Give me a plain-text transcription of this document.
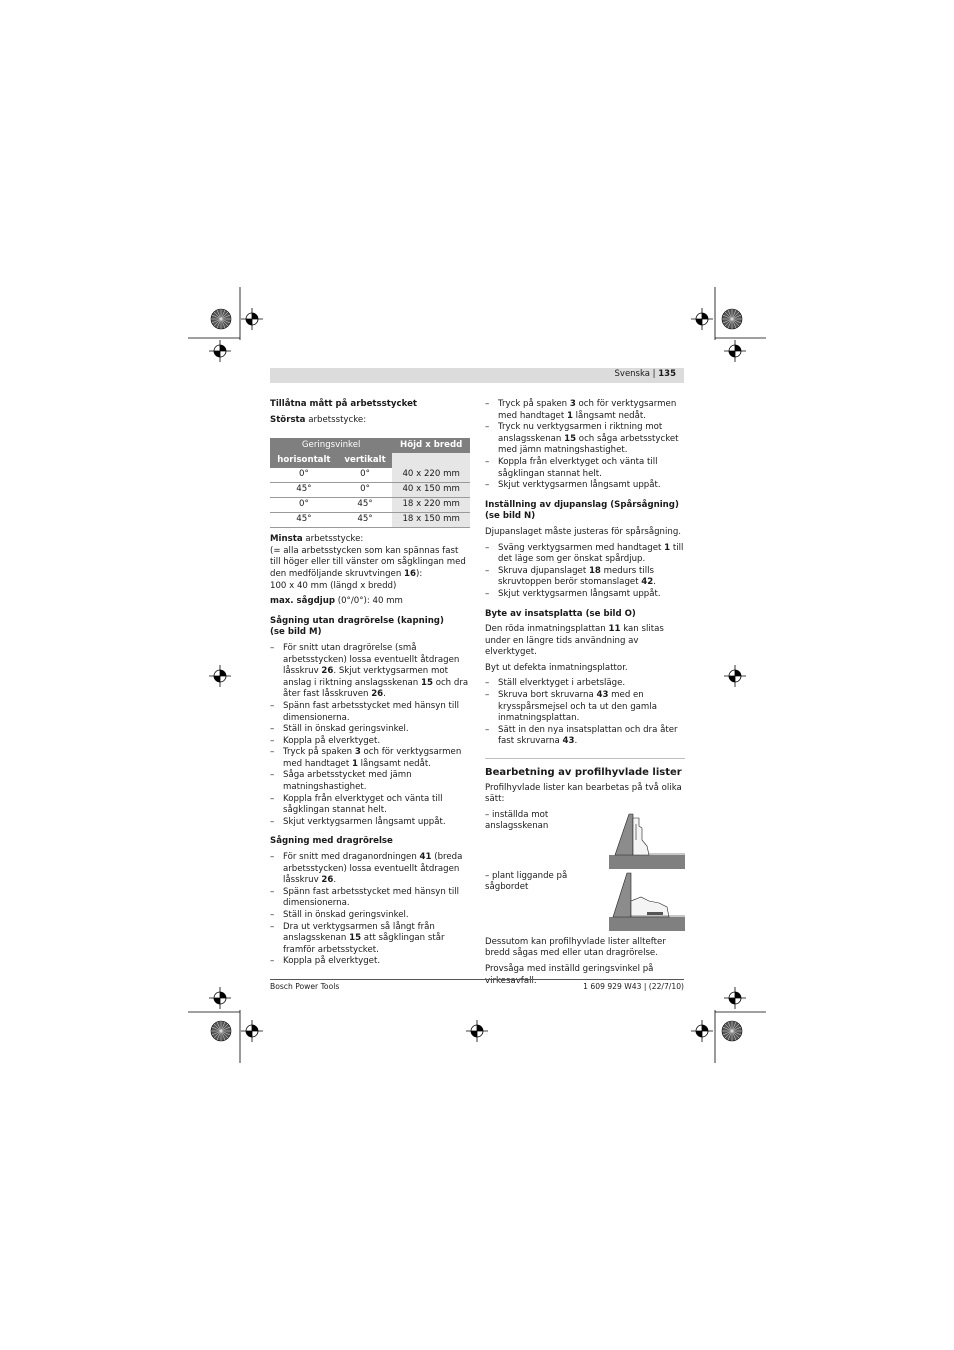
Svenska | 135
Tillåtna mått på arbetsstycket

Största arbetsstycke:

Geringsvinkel		Höjd x bredd
horisontalt	vertikalt	
0°	0°	40 x 220 mm
45°	0°	40 x 150 mm
0°	45°	18 x 220 mm
45°	45°	18 x 150 mm

Minsta arbetsstycke:
(= alla arbetsstycken som kan spännas fast till höger eller till vänster om sågklingan med den medföljande skruvtvingen 16):
100 x 40 mm (längd x bredd)

max. sågdjup (0°/0°): 40 mm

Sågning utan dragrörelse (kapning)
(se bild M)
– För snitt utan dragrörelse (små arbetsstycken) lossa eventuellt åtdragen låsskruv 26. Skjut verktygsarmen mot anslag i riktning anslagsskenan 15 och dra åter fast låsskruven 26.
– Spänn fast arbetsstycket med hänsyn till dimensionerna.
– Ställ in önskad geringsvinkel.
– Koppla på elverktyget.
– Tryck på spaken 3 och för verktygsarmen med handtaget 1 långsamt nedåt.
– Såga arbetsstycket med jämn matningshastighet.
– Koppla från elverktyget och vänta till sågklingan stannat helt.
– Skjut verktygsarmen långsamt uppåt.
Sågning med dragrörelse
– För snitt med draganordningen 41 (breda arbetsstycken) lossa eventuellt åtdragen låsskruv 26.
– Spänn fast arbetsstycket med hänsyn till dimensionerna.
– Ställ in önskad geringsvinkel.
– Dra ut verktygsarmen så långt från anslagsskenan 15 att sågklingan står framför arbetsstycket.
– Koppla på elverktyget.
– Tryck på spaken 3 och för verktygsarmen med handtaget 1 långsamt nedåt.
– Tryck nu verktygsarmen i riktning mot anslagsskenan 15 och såga arbetsstycket med jämn matningshastighet.
– Koppla från elverktyget och vänta till sågklingan stannat helt.
– Skjut verktygsarmen långsamt uppåt.
Inställning av djupanslag (Spårsågning)
(se bild N)

Djupanslaget måste justeras för spårsågning.

– Sväng verktygsarmen med handtaget 1 till det läge som ger önskat spårdjup.
– Skruva djupanslaget 18 medurs tills skruvtoppen berör stomanslaget 42.
– Skjut verktygsarmen långsamt uppåt.
Byte av insatsplatta (se bild O)

Den röda inmatningsplattan 11 kan slitas under en längre tids användning av elverktyget.

Byt ut defekta inmatningsplattor.

– Ställ elverktyget i arbetsläge.
– Skruva bort skruvarna 43 med en krysspårsmejsel och ta ut den gamla inmatningsplattan.
– Sätt in den nya insatsplattan och dra åter fast skruvarna 43.
Bearbetning av profilhyvlade lister

Profilhyvlade lister kan bearbetas på två olika sätt:

– inställda mot anslagsskenan
– plant liggande på sågbordet

Dessutom kan profilhyvlade lister alltefter bredd sågas med eller utan dragrörelse.

Provsåga med inställd geringsvinkel på virkesavfall.

Bosch Power Tools	1 609 929 W43 | (22/7/10)
